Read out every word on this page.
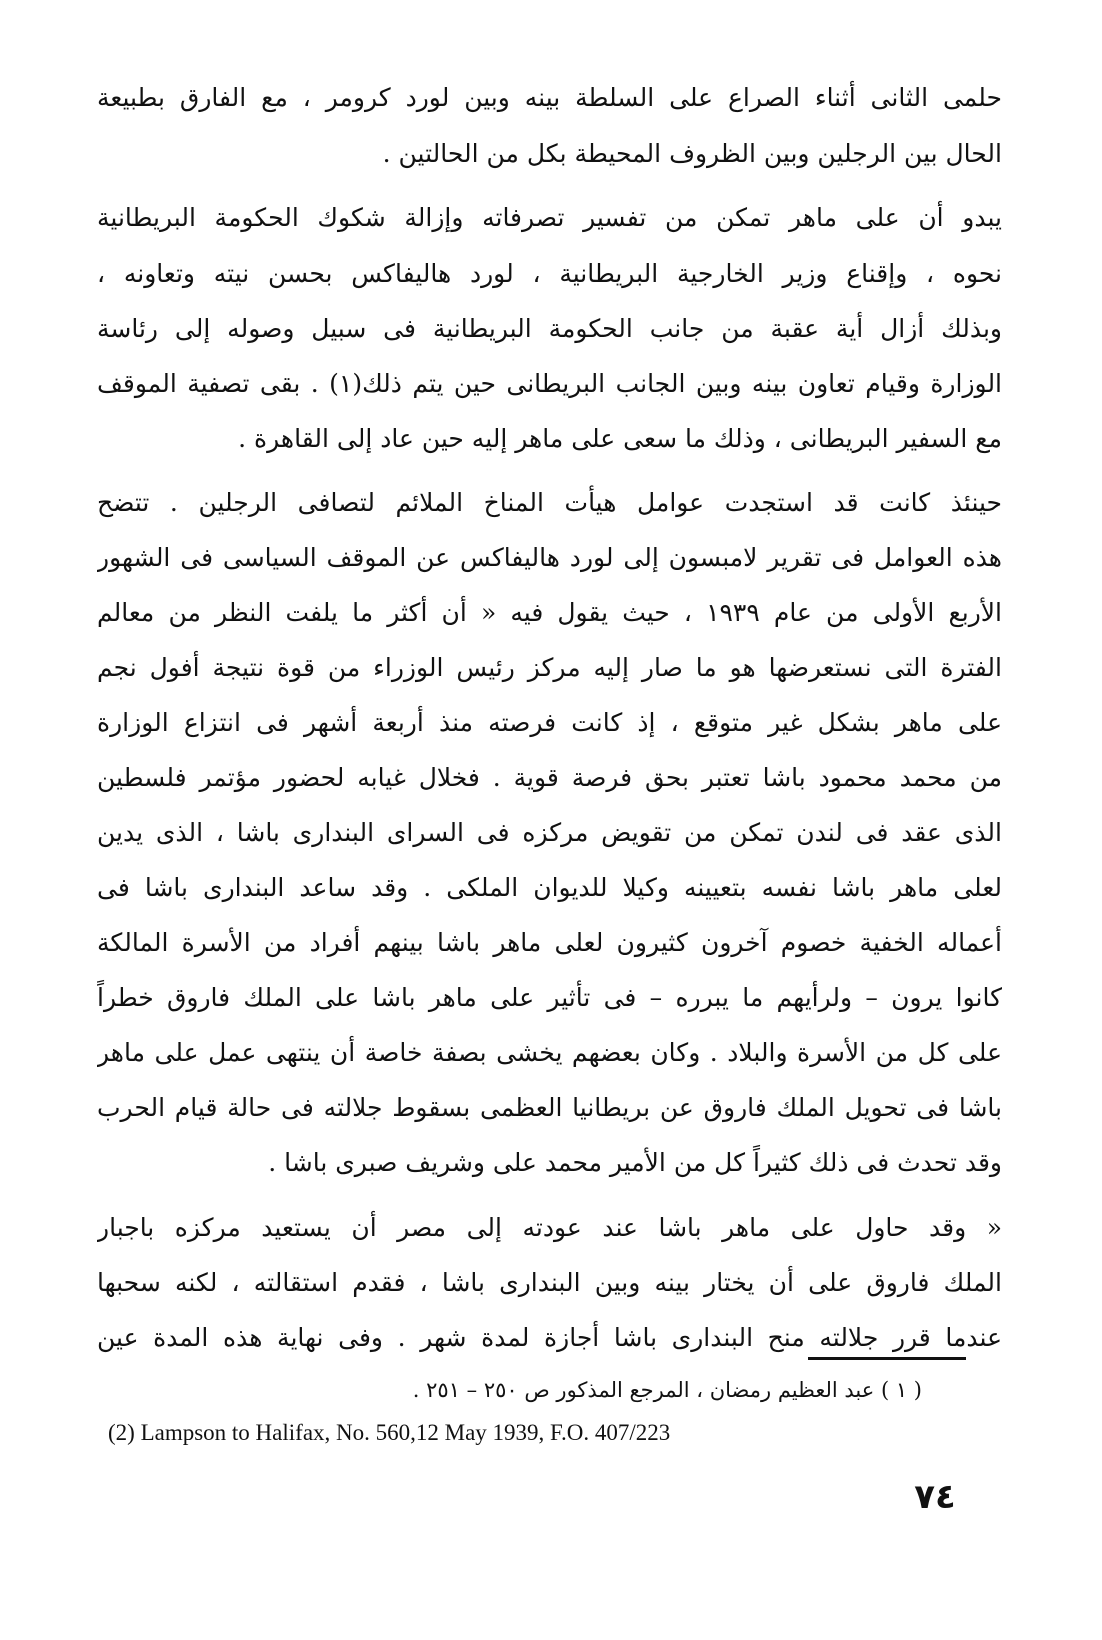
حلمى الثانى أثناء الصراع على السلطة بينه وبين لورد كرومر ، مع الفارق بطبيعة
الحال بين الرجلين وبين الظروف المحيطة بكل من الحالتين .
يبدو أن على ماهر تمكن من تفسير تصرفاته وإزالة شكوك الحكومة البريطانية
نحوه ، وإقناع وزير الخارجية البريطانية ، لورد هاليفاكس بحسن نيته وتعاونه ،
وبذلك أزال أية عقبة من جانب الحكومة البريطانية فى سبيل وصوله إلى رئاسة
الوزارة وقيام تعاون بينه وبين الجانب البريطانى حين يتم ذلك(١) . بقى تصفية الموقف
مع السفير البريطانى ، وذلك ما سعى على ماهر إليه حين عاد إلى القاهرة .
حينئذ كانت قد استجدت عوامل هيأت المناخ الملائم لتصافى الرجلين . تتضح
هذه العوامل فى تقرير لامبسون إلى لورد هاليفاكس عن الموقف السياسى فى الشهور
الأربع الأولى من عام ١٩٣٩ ، حيث يقول فيه « أن أكثر ما يلفت النظر من معالم
الفترة التى نستعرضها هو ما صار إليه مركز رئيس الوزراء من قوة نتيجة أفول نجم
على ماهر بشكل غير متوقع ، إذ كانت فرصته منذ أربعة أشهر فى انتزاع الوزارة
من محمد محمود باشا تعتبر بحق فرصة قوية . فخلال غيابه لحضور مؤتمر فلسطين
الذى عقد فى لندن تمكن من تقويض مركزه فى السراى البندارى باشا ، الذى يدين
لعلى ماهر باشا نفسه بتعيينه وكيلا للديوان الملكى . وقد ساعد البندارى باشا فى
أعماله الخفية خصوم آخرون كثيرون لعلى ماهر باشا بينهم أفراد من الأسرة المالكة
كانوا يرون – ولرأيهم ما يبرره – فى تأثير على ماهر باشا على الملك فاروق خطراً
على كل من الأسرة والبلاد . وكان بعضهم يخشى بصفة خاصة أن ينتهى عمل على ماهر
باشا فى تحويل الملك فاروق عن بريطانيا العظمى بسقوط جلالته فى حالة قيام الحرب
وقد تحدث فى ذلك كثيراً كل من الأمير محمد على وشريف صبرى باشا .
« وقد حاول على ماهر باشا عند عودته إلى مصر أن يستعيد مركزه باجبار
الملك فاروق على أن يختار بينه وبين البندارى باشا ، فقدم استقالته ، لكنه سحبها
عندما قرر جلالته منح البندارى باشا أجازة لمدة شهر . وفى نهاية هذه المدة عين
( ١ ) عبد العظيم رمضان ، المرجع المذكور ص ٢٥٠ – ٢٥١ .
(2) Lampson to Halifax, No. 560,12 May 1939, F.O. 407/223
٧٤
